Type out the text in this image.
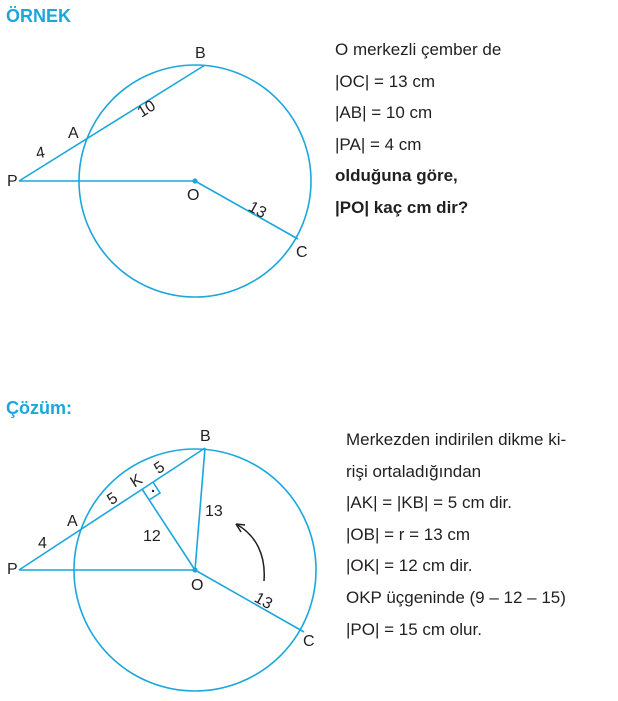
ÖRNEK
B
A
P
O
C
4
10
13
O merkezli çember de
|OC| = 13 cm
|AB| = 10 cm
|PA| = 4 cm
olduğuna göre,
|PO| kaç cm dir?
Çözüm:
B
K
A
P
O
C
4
5
5
13
12
13
Merkezden indirilen dikme ki-
rişi ortaladığından
|AK| = |KB| = 5 cm dir.
|OB| = r = 13 cm
|OK| = 12 cm dir.
OKP üçgeninde (9 – 12 – 15)
|PO| = 15 cm olur.
